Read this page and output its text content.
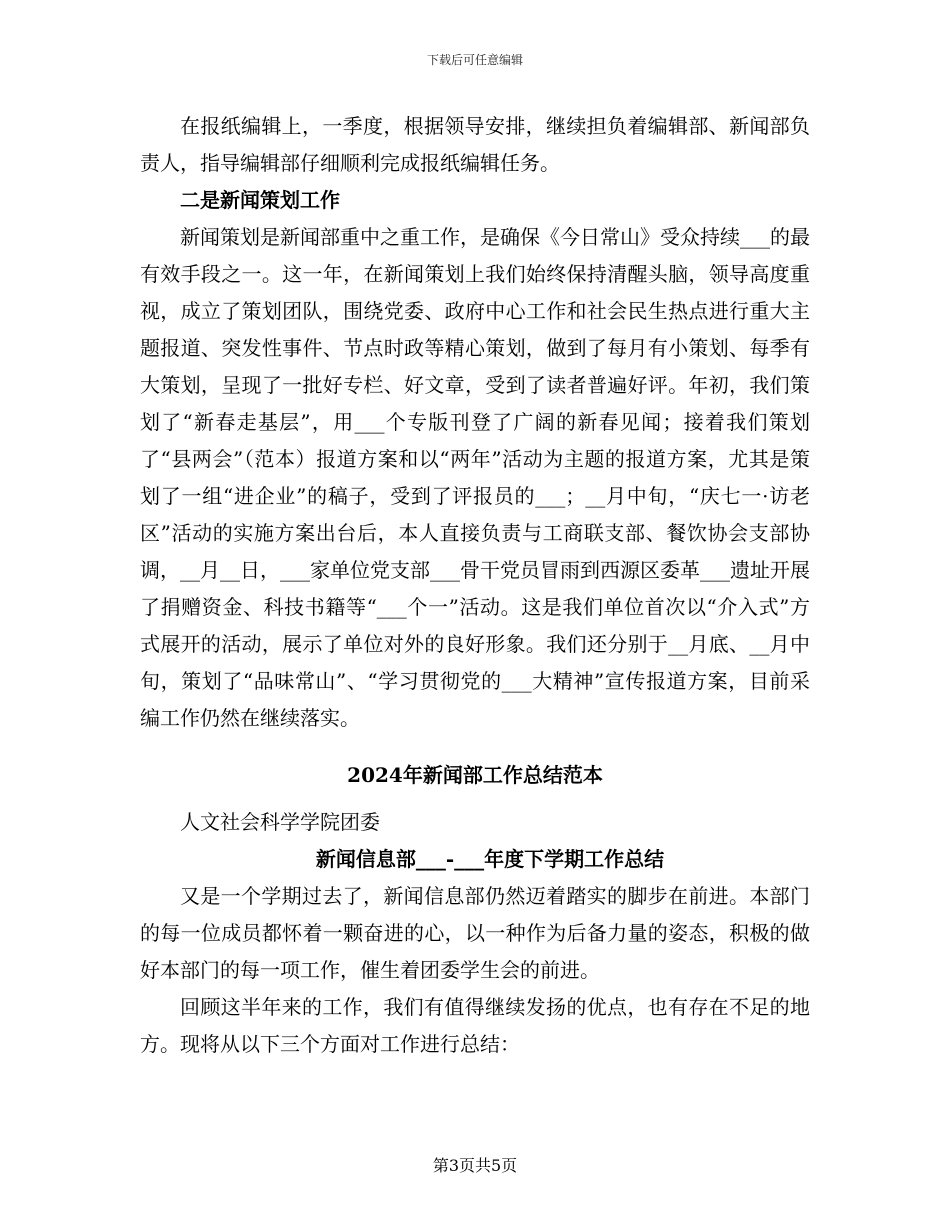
下载后可任意编辑

在报纸编辑上，一季度，根据领导安排，继续担负着编辑部、新闻部负责人，指导编辑部仔细顺利完成报纸编辑任务。

二是新闻策划工作

新闻策划是新闻部重中之重工作，是确保《今日常山》受众持续___的最有效手段之一。这一年，在新闻策划上我们始终保持清醒头脑，领导高度重视，成立了策划团队，围绕党委、政府中心工作和社会民生热点进行重大主题报道、突发性事件、节点时政等精心策划，做到了每月有小策划、每季有大策划，呈现了一批好专栏、好文章，受到了读者普遍好评。年初，我们策划了“新春走基层”，用___个专版刊登了广阔的新春见闻；接着我们策划了“县两会”（范本）报道方案和以“两年”活动为主题的报道方案，尤其是策划了一组“进企业”的稿子，受到了评报员的___；__月中旬，“庆七一·访老区”活动的实施方案出台后，本人直接负责与工商联支部、餐饮协会支部协调，__月__日，___家单位党支部___骨干党员冒雨到西源区委革___遗址开展了捐赠资金、科技书籍等“___个一”活动。这是我们单位首次以“介入式”方式展开的活动，展示了单位对外的良好形象。我们还分别于__月底、__月中旬，策划了“品味常山”、“学习贯彻党的___大精神”宣传报道方案，目前采编工作仍然在继续落实。

2024年新闻部工作总结范本

人文社会科学学院团委

新闻信息部___-___年度下学期工作总结

又是一个学期过去了，新闻信息部仍然迈着踏实的脚步在前进。本部门的每一位成员都怀着一颗奋进的心，以一种作为后备力量的姿态，积极的做好本部门的每一项工作，催生着团委学生会的前进。

回顾这半年来的工作，我们有值得继续发扬的优点，也有存在不足的地方。现将从以下三个方面对工作进行总结：

第3页共5页
